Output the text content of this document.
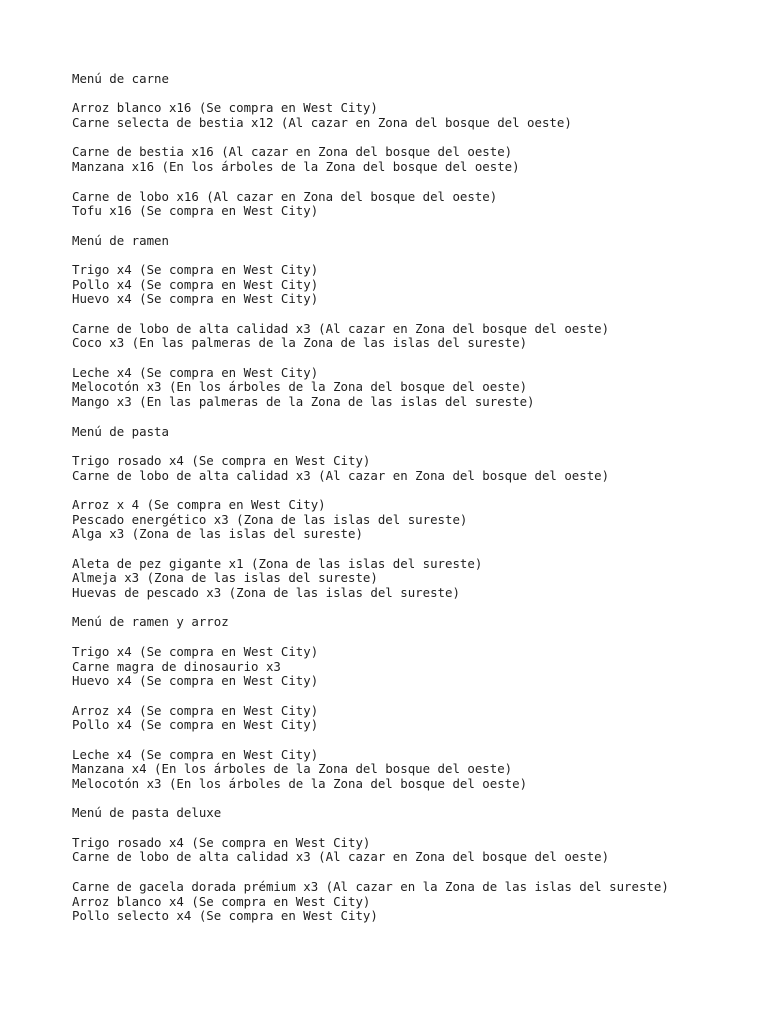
Menú de carne
Arroz blanco x16 (Se compra en West City)
Carne selecta de bestia x12 (Al cazar en Zona del bosque del oeste)
Carne de bestia x16 (Al cazar en Zona del bosque del oeste)
Manzana x16 (En los árboles de la Zona del bosque del oeste)
Carne de lobo x16 (Al cazar en Zona del bosque del oeste)
Tofu x16 (Se compra en West City)
Menú de ramen
Trigo x4 (Se compra en West City)
Pollo x4 (Se compra en West City)
Huevo x4 (Se compra en West City)
Carne de lobo de alta calidad x3 (Al cazar en Zona del bosque del oeste)
Coco x3 (En las palmeras de la Zona de las islas del sureste)
Leche x4 (Se compra en West City)
Melocotón x3 (En los árboles de la Zona del bosque del oeste)
Mango x3 (En las palmeras de la Zona de las islas del sureste)
Menú de pasta
Trigo rosado x4 (Se compra en West City)
Carne de lobo de alta calidad x3 (Al cazar en Zona del bosque del oeste)
Arroz x 4 (Se compra en West City)
Pescado energético x3 (Zona de las islas del sureste)
Alga x3 (Zona de las islas del sureste)
Aleta de pez gigante x1 (Zona de las islas del sureste)
Almeja x3 (Zona de las islas del sureste)
Huevas de pescado x3 (Zona de las islas del sureste)
Menú de ramen y arroz
Trigo x4 (Se compra en West City)
Carne magra de dinosaurio x3
Huevo x4 (Se compra en West City)
Arroz x4 (Se compra en West City)
Pollo x4 (Se compra en West City)
Leche x4 (Se compra en West City)
Manzana x4 (En los árboles de la Zona del bosque del oeste)
Melocotón x3 (En los árboles de la Zona del bosque del oeste)
Menú de pasta deluxe
Trigo rosado x4 (Se compra en West City)
Carne de lobo de alta calidad x3 (Al cazar en Zona del bosque del oeste)
Carne de gacela dorada prémium x3 (Al cazar en la Zona de las islas del sureste)
Arroz blanco x4 (Se compra en West City)
Pollo selecto x4 (Se compra en West City)
